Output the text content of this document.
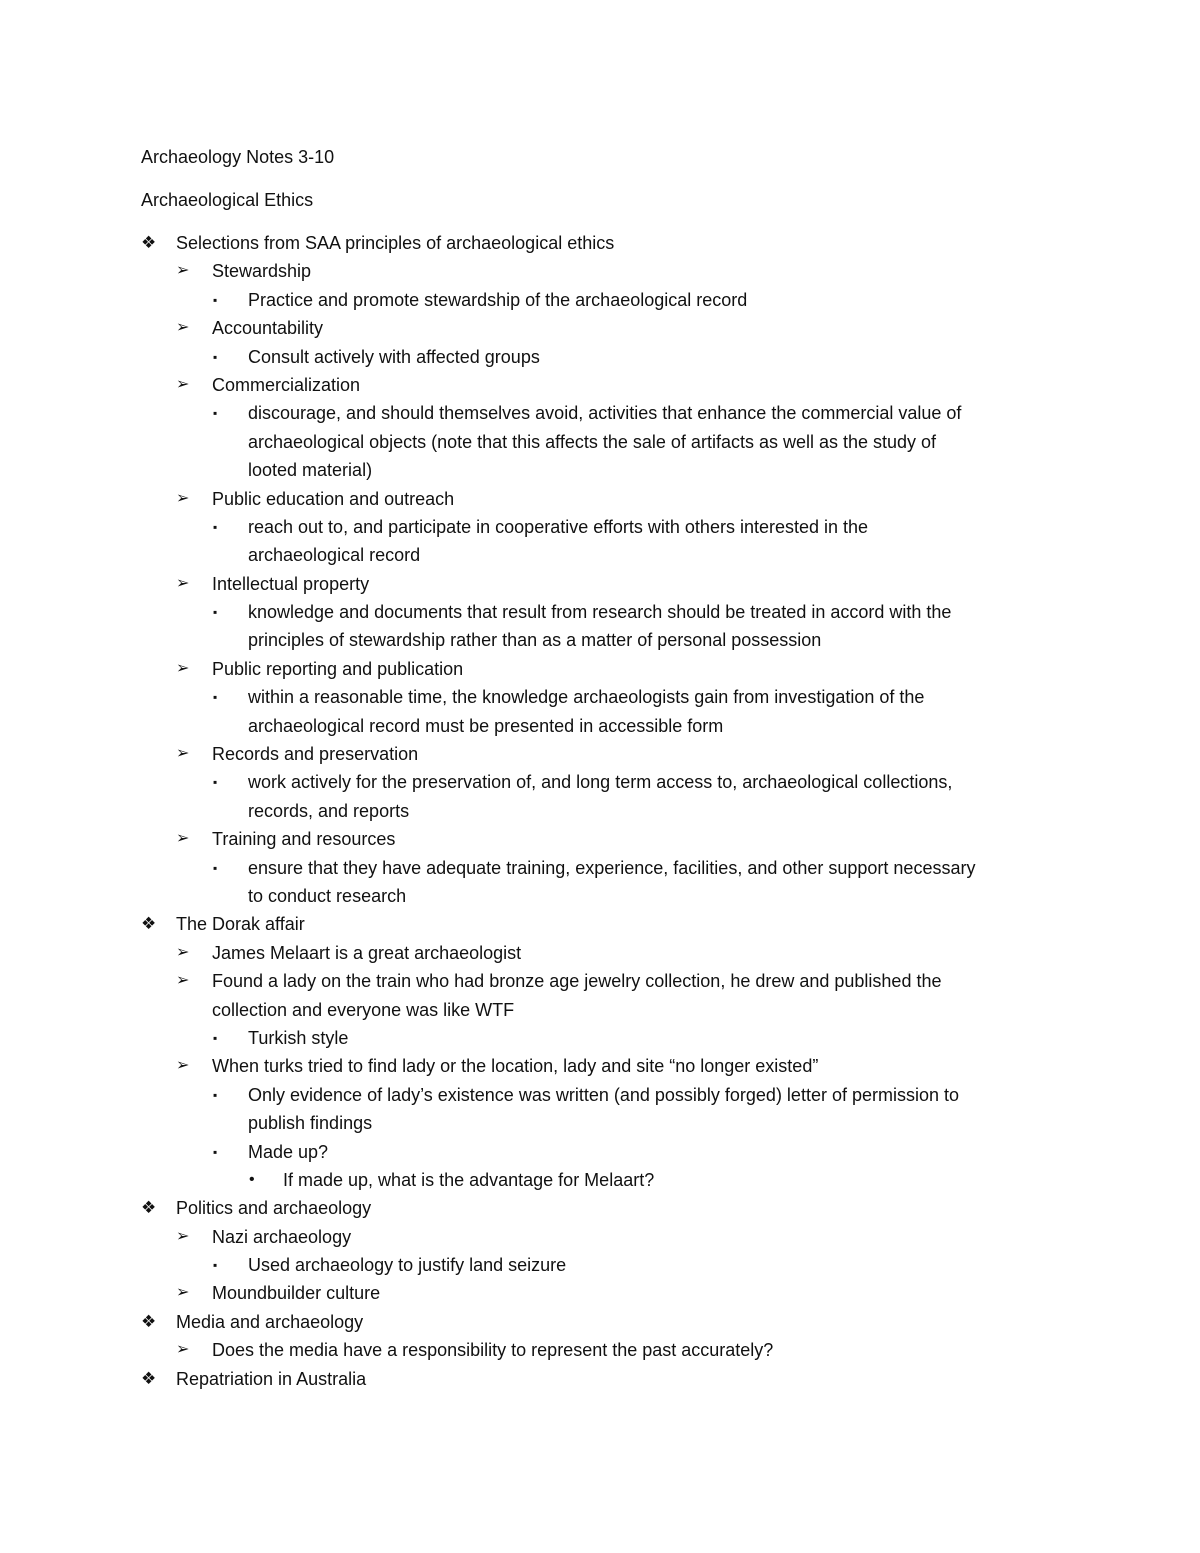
Archaeology Notes 3-10
Archaeological Ethics
❖ Selections from SAA principles of archaeological ethics
➢ Stewardship
▪ Practice and promote stewardship of the archaeological record
➢ Accountability
▪ Consult actively with affected groups
➢ Commercialization
▪ discourage, and should themselves avoid, activities that enhance the commercial value of
archaeological objects (note that this affects the sale of artifacts as well as the study of
looted material)
➢ Public education and outreach
▪ reach out to, and participate in cooperative efforts with others interested in the
archaeological record
➢ Intellectual property
▪ knowledge and documents that result from research should be treated in accord with the
principles of stewardship rather than as a matter of personal possession
➢ Public reporting and publication
▪ within a reasonable time, the knowledge archaeologists gain from investigation of the
archaeological record must be presented in accessible form
➢ Records and preservation
▪ work actively for the preservation of, and long term access to, archaeological collections,
records, and reports
➢ Training and resources
▪ ensure that they have adequate training, experience, facilities, and other support necessary
to conduct research
❖ The Dorak affair
➢ James Melaart is a great archaeologist
➢ Found a lady on the train who had bronze age jewelry collection, he drew and published the
collection and everyone was like WTF
▪ Turkish style
➢ When turks tried to find lady or the location, lady and site “no longer existed”
▪ Only evidence of lady’s existence was written (and possibly forged) letter of permission to
publish findings
▪ Made up?
• If made up, what is the advantage for Melaart?
❖ Politics and archaeology
➢ Nazi archaeology
▪ Used archaeology to justify land seizure
➢ Moundbuilder culture
❖ Media and archaeology
➢ Does the media have a responsibility to represent the past accurately?
❖ Repatriation in Australia
